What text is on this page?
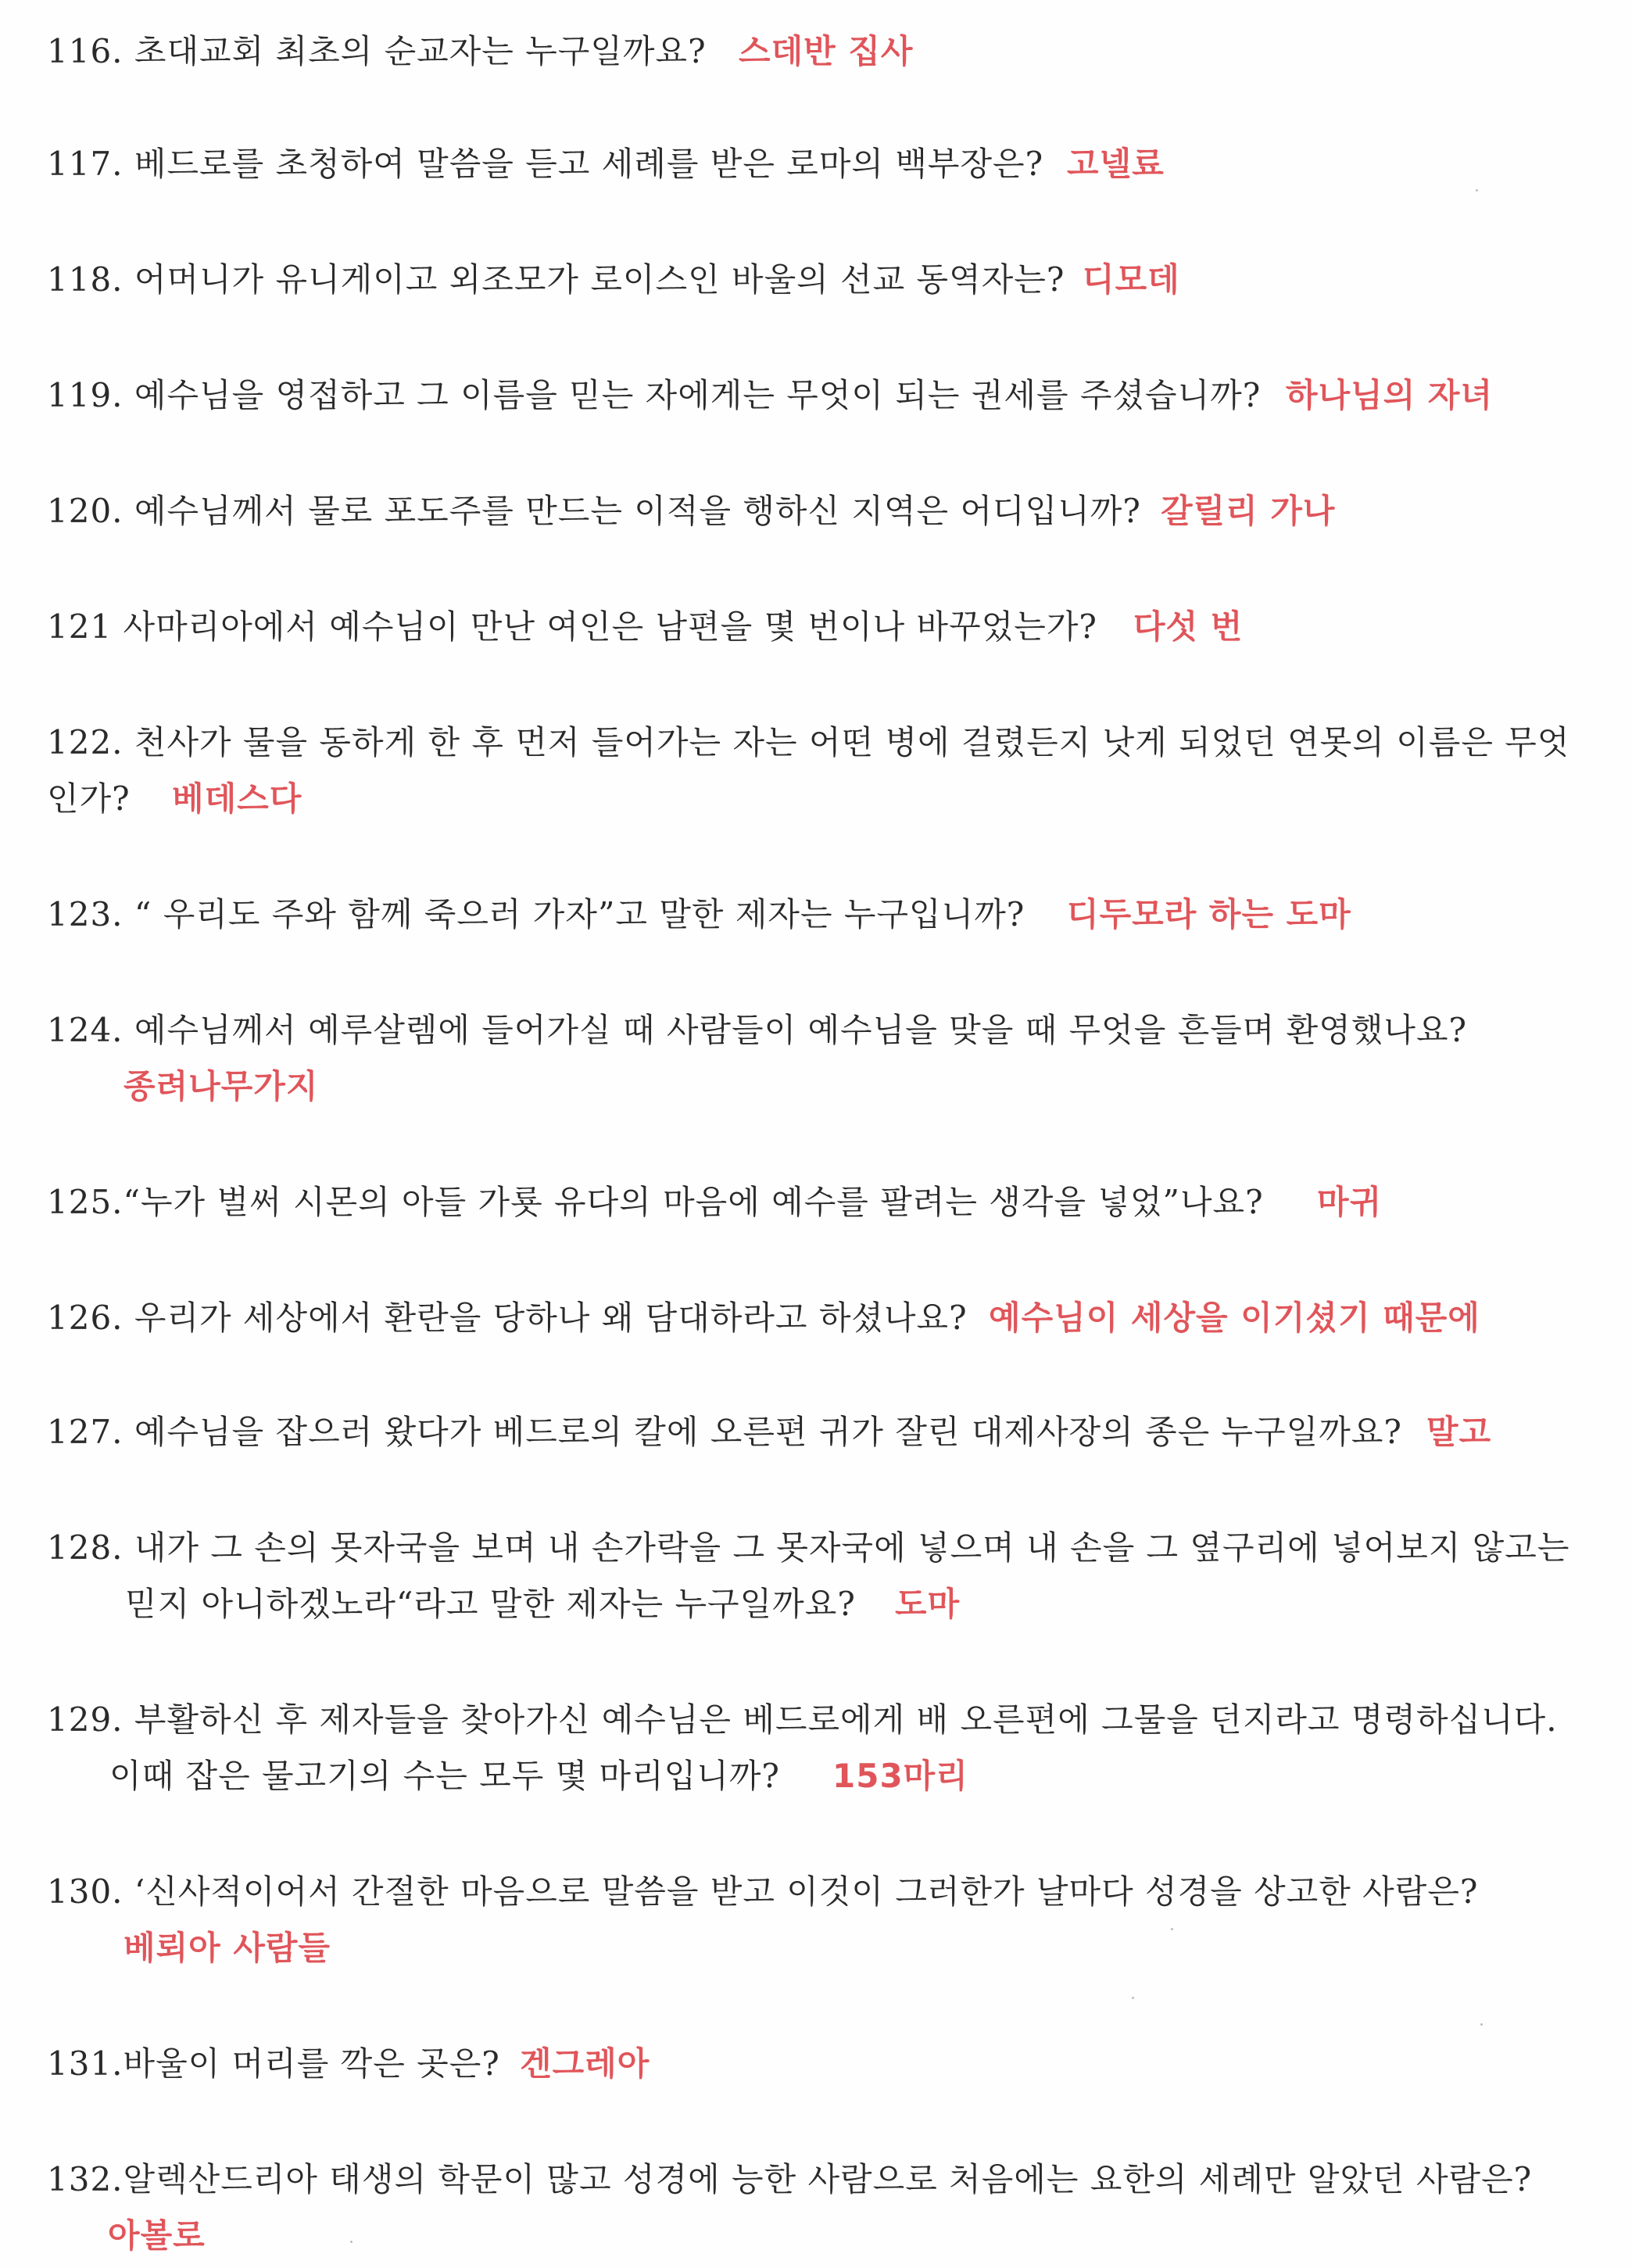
116. 초대교회 최초의 순교자는 누구일까요? 스데반 집사
117. 베드로를 초청하여 말씀을 듣고 세례를 받은 로마의 백부장은? 고넬료
118. 어머니가 유니게이고 외조모가 로이스인 바울의 선교 동역자는? 디모데
119. 예수님을 영접하고 그 이름을 믿는 자에게는 무엇이 되는 권세를 주셨습니까? 하나님의 자녀
120. 예수님께서 물로 포도주를 만드는 이적을 행하신 지역은 어디입니까? 갈릴리 가나
121 사마리아에서 예수님이 만난 여인은 남편을 몇 번이나 바꾸었는가? 다섯 번
122. 천사가 물을 동하게 한 후 먼저 들어가는 자는 어떤 병에 걸렸든지 낫게 되었던 연못의 이름은 무엇
인가? 베데스다
123. “ 우리도 주와 함께 죽으러 가자”고 말한 제자는 누구입니까? 디두모라 하는 도마
124. 예수님께서 예루살렘에 들어가실 때 사람들이 예수님을 맞을 때 무엇을 흔들며 환영했나요?
종려나무가지
125.“누가 벌써 시몬의 아들 가룟 유다의 마음에 예수를 팔려는 생각을 넣었”나요? 마귀
126. 우리가 세상에서 환란을 당하나 왜 담대하라고 하셨나요? 예수님이 세상을 이기셨기 때문에
127. 예수님을 잡으러 왔다가 베드로의 칼에 오른편 귀가 잘린 대제사장의 종은 누구일까요? 말고
128. 내가 그 손의 못자국을 보며 내 손가락을 그 못자국에 넣으며 내 손을 그 옆구리에 넣어보지 않고는
믿지 아니하겠노라“라고 말한 제자는 누구일까요? 도마
129. 부활하신 후 제자들을 찾아가신 예수님은 베드로에게 배 오른편에 그물을 던지라고 명령하십니다.
이때 잡은 물고기의 수는 모두 몇 마리입니까? 153마리
130. ‘신사적이어서 간절한 마음으로 말씀을 받고 이것이 그러한가 날마다 성경을 상고한 사람은?
베뢰아 사람들
131.바울이 머리를 깍은 곳은? 겐그레아
132.알렉산드리아 태생의 학문이 많고 성경에 능한 사람으로 처음에는 요한의 세례만 알았던 사람은?
아볼로
